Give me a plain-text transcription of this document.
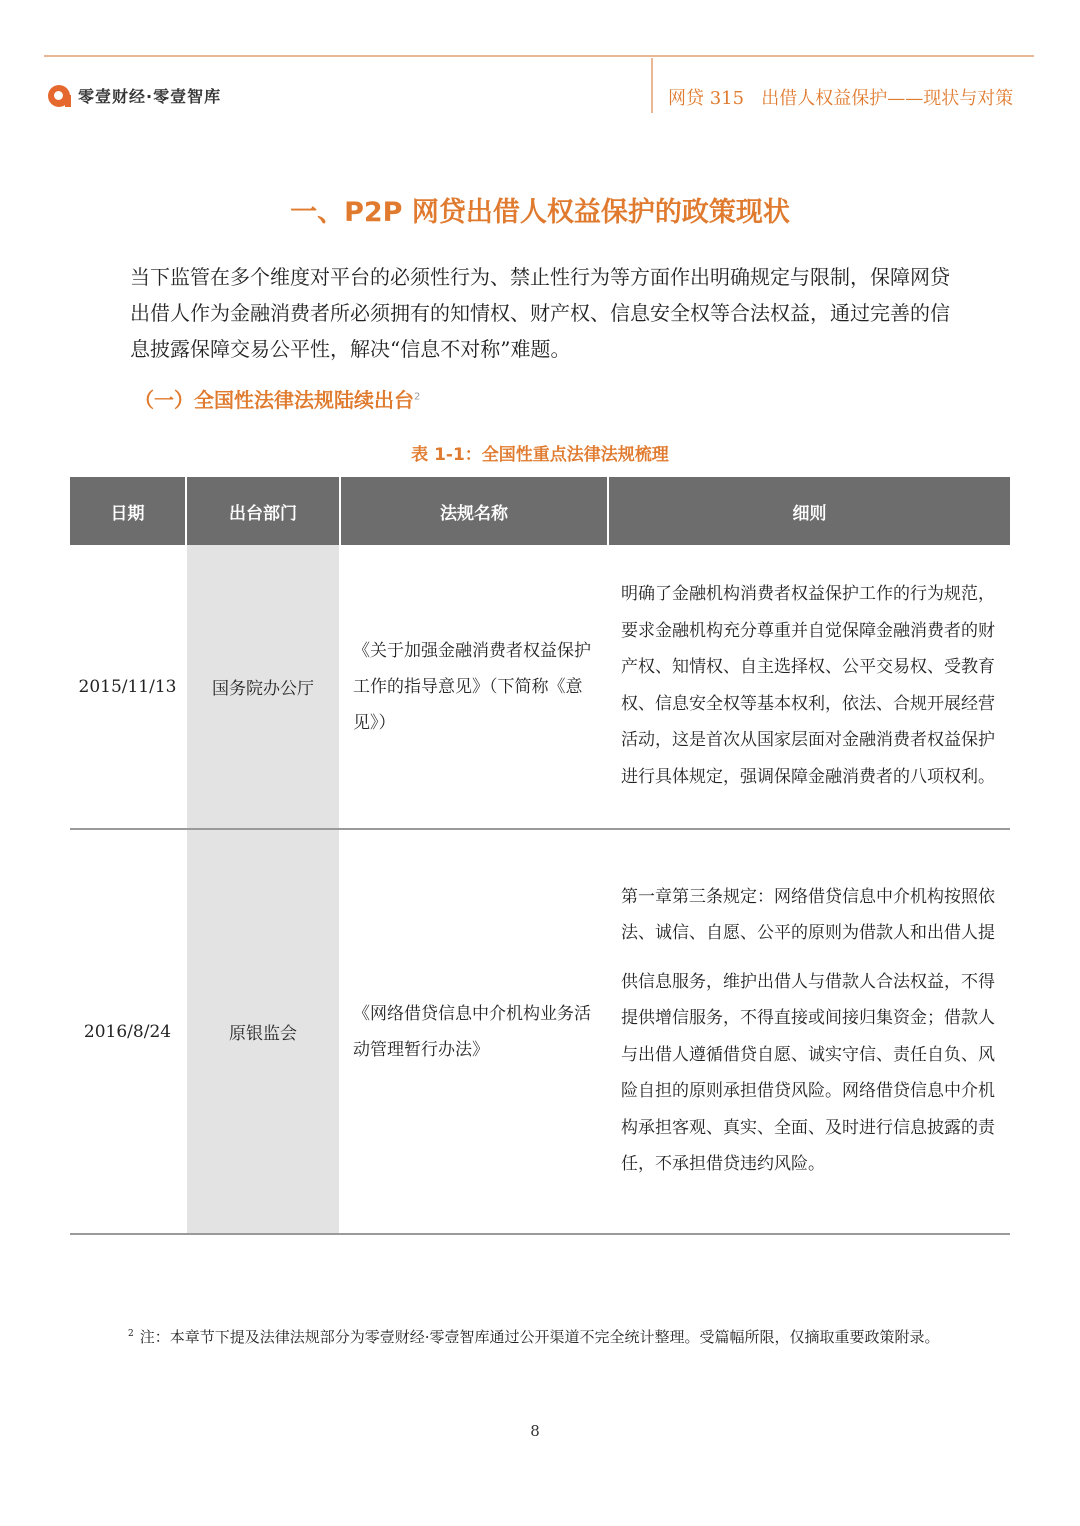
零壹财经·零壹智库	网贷 315   出借人权益保护——现状与对策
一、P2P 网贷出借人权益保护的政策现状
当下监管在多个维度对平台的必须性行为、禁止性行为等方面作出明确规定与限制，保障网贷出借人作为金融消费者所必须拥有的知情权、财产权、信息安全权等合法权益，通过完善的信息披露保障交易公平性，解决“信息不对称”难题。
（一）全国性法律法规陆续出台$^2$
表 1-1：全国性重点法律法规梳理
日期	出台部门	法规名称	细则
2015/11/13	国务院办公厅	《关于加强金融消费者权益保护工作的指导意见》（下简称《意见》）	明确了金融机构消费者权益保护工作的行为规范，要求金融机构充分尊重并自觉保障金融消费者的财产权、知情权、自主选择权、公平交易权、受教育权、信息安全权等基本权利，依法、合规开展经营活动，这是首次从国家层面对金融消费者权益保护进行具体规定，强调保障金融消费者的八项权利。

2016/8/24	原银监会	《网络借贷信息中介机构业务活动管理暂行办法》	第一章第三条规定：网络借贷信息中介机构按照依法、诚信、自愿、公平的原则为借款人和出借人提

供信息服务，维护出借人与借款人合法权益，不得提供增信服务，不得直接或间接归集资金；借款人与出借人遵循借贷自愿、诚实守信、责任自负、风险自担的原则承担借贷风险。网络借贷信息中介机构承担客观、真实、全面、及时进行信息披露的责任，不承担借贷违约风险。

$^2$ 注：本章节下提及法律法规部分为零壹财经·零壹智库通过公开渠道不完全统计整理。受篇幅所限，仅摘取重要政策附录。
8
